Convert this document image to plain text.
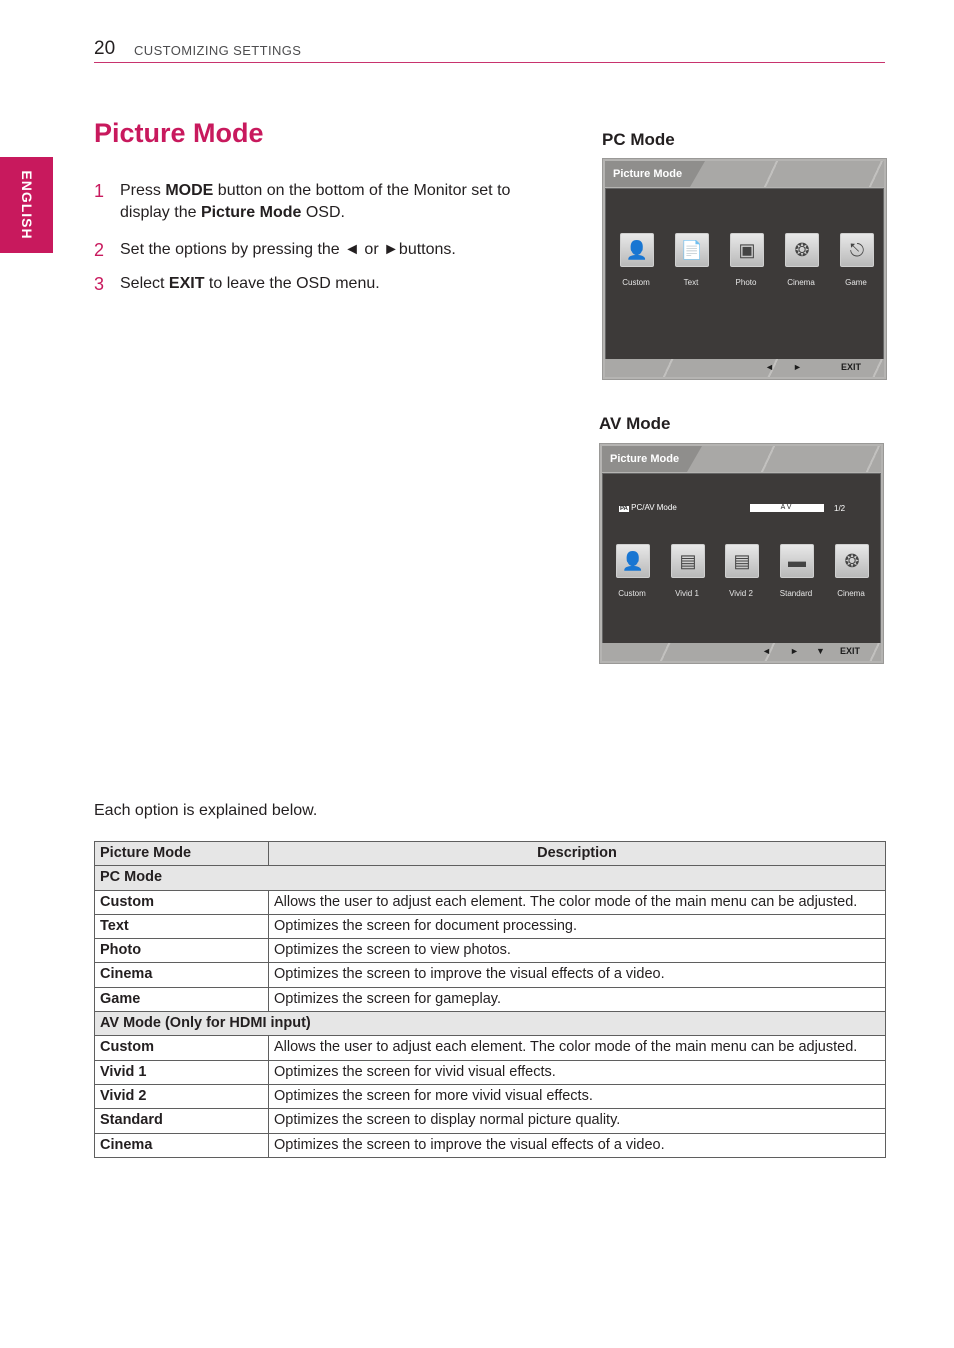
20 CUSTOMIZING SETTINGS
ENGLISH
Picture Mode
1 Press MODE button on the bottom of the Monitor set to display the Picture Mode OSD.
2 Set the options by pressing the ◄ or ►buttons.
3 Select EXIT to leave the OSD menu.
PC Mode
Picture Mode
👤
Custom
📄
Text
▣
Photo
❂
Cinema
⎋
Game
◄ ►	EXIT
AV Mode
Picture Mode
PA PC/AV Mode	AV	1/2
👤
Custom
▤
Vivid 1
▤
Vivid 2
▬
Standard
❂
Cinema
◄ ► ▼ EXIT
Each option is explained below.
Picture Mode	Description
PC Mode	
Custom	Allows the user to adjust each element. The color mode of the main menu can be adjusted.
Text	Optimizes the screen for document processing.
Photo	Optimizes the screen to view photos.
Cinema	Optimizes the screen to improve the visual effects of a video.
Game	Optimizes the screen for gameplay.
AV Mode (Only for HDMI input)	
Custom	Allows the user to adjust each element. The color mode of the main menu can be adjusted.
Vivid 1	Optimizes the screen for vivid visual effects.
Vivid 2	Optimizes the screen for more vivid visual effects.
Standard	Optimizes the screen to display normal picture quality.
Cinema	Optimizes the screen to improve the visual effects of a video.
